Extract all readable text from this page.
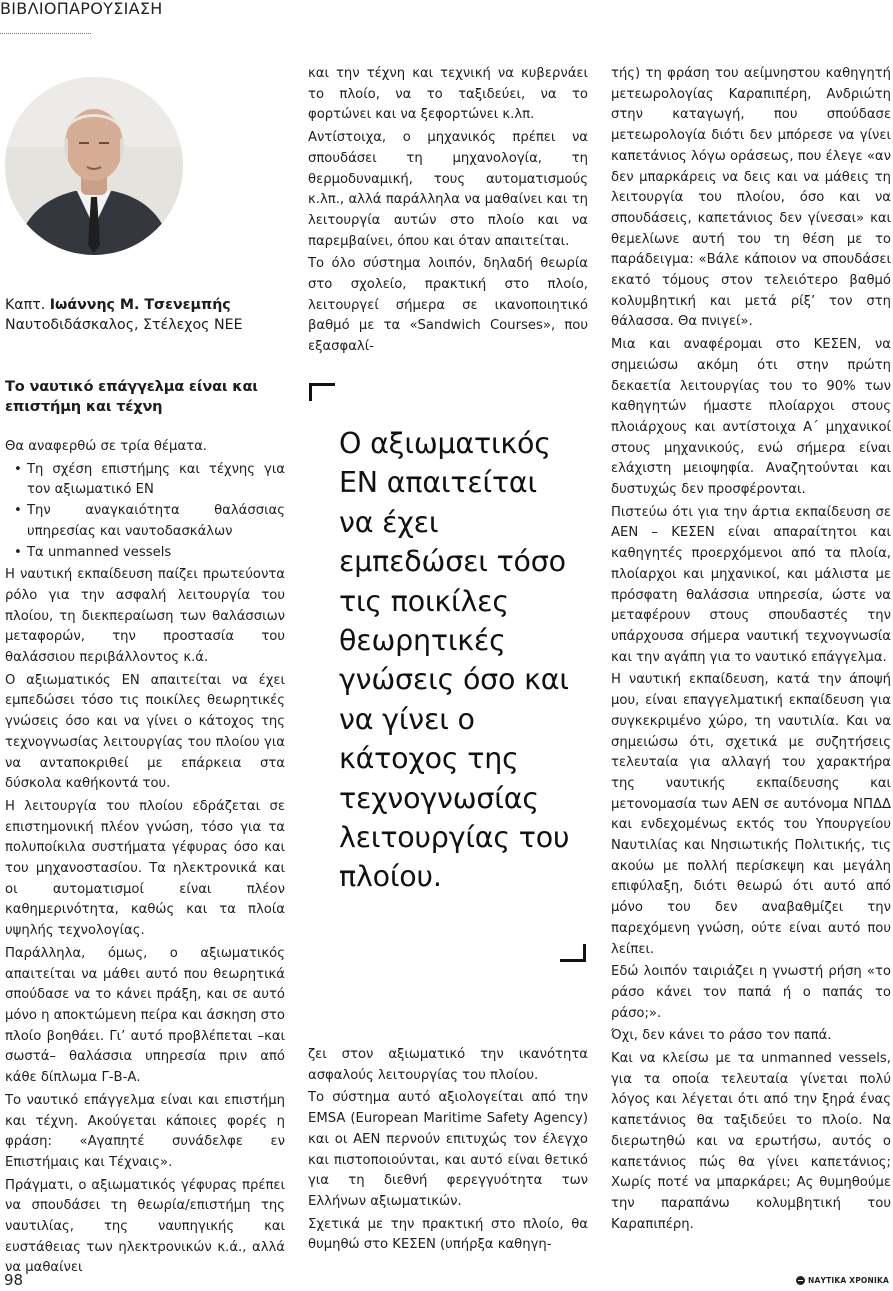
ΒΙΒΛΙΟΠΑΡΟΥΣΙΑΣΗ
Καπτ. Ιωάννης Μ. Τσενεμπής
Ναυτοδιδάσκαλος, Στέλεχος ΝΕΕ
Το ναυτικό επάγγελμα είναι και επιστήμη και τέχνη

Θα αναφερθώ σε τρία θέματα.

• Τη σχέση επιστήμης και τέχνης για τον αξιωματικό ΕΝ
• Την αναγκαιότητα θαλάσσιας υπηρεσίας και ναυτοδασκάλων
• Τα unmanned vessels

Η ναυτική εκπαίδευση παίζει πρωτεύοντα ρόλο για την ασφαλή λειτουργία του πλοίου, τη διεκπεραίωση των θαλάσσιων μεταφορών, την προστασία του θαλάσσιου περιβάλλοντος κ.ά.

Ο αξιωματικός ΕΝ απαιτείται να έχει εμπεδώσει τόσο τις ποικίλες θεωρητικές γνώσεις όσο και να γίνει ο κάτοχος της τεχνογνωσίας λειτουργίας του πλοίου για να ανταποκριθεί με επάρκεια στα δύσκολα καθήκοντά του.

Η λειτουργία του πλοίου εδράζεται σε επιστημονική πλέον γνώση, τόσο για τα πολυποίκιλα συστήματα γέφυρας όσο και του μηχανοστασίου. Τα ηλεκτρονικά και οι αυτοματισμοί είναι πλέον καθημερινότητα, καθώς και τα πλοία υψηλής τεχνολογίας.

Παράλληλα, όμως, ο αξιωματικός απαιτείται να μάθει αυτό που θεωρητικά σπούδασε να το κάνει πράξη, και σε αυτό μόνο η αποκτώμενη πείρα και άσκηση στο πλοίο βοηθάει. Γι’ αυτό προβλέπεται –και σωστά– θαλάσσια υπηρεσία πριν από κάθε δίπλωμα Γ-Β-Α.

Το ναυτικό επάγγελμα είναι και επιστήμη και τέχνη. Ακούγεται κάποιες φορές η φράση: «Αγαπητέ συνάδελφε εν Επιστήμαις και Τέχναις».

Πράγματι, ο αξιωματικός γέφυρας πρέπει να σπουδάσει τη θεωρία/επιστήμη της ναυτιλίας, της ναυπηγικής και ευστάθειας των ηλεκτρονικών κ.ά., αλλά να μαθαίνει

και την τέχνη και τεχνική να κυβερνάει το πλοίο, να το ταξιδεύει, να το φορτώνει και να ξεφορτώνει κ.λπ.

Αντίστοιχα, ο μηχανικός πρέπει να σπουδάσει τη μηχανολογία, τη θερμοδυναμική, τους αυτοματισμούς κ.λπ., αλλά παράλληλα να μαθαίνει και τη λειτουργία αυτών στο πλοίο και να παρεμβαίνει, όπου και όταν απαιτείται.

Το όλο σύστημα λοιπόν, δηλαδή θεωρία στο σχολείο, πρακτική στο πλοίο, λειτουργεί σήμερα σε ικανοποιητικό βαθμό με τα «Sandwich Courses», που εξασφαλί-

Ο αξιωματικός ΕΝ απαιτείται να έχει εμπεδώσει τόσο τις ποικίλες θεωρητικές γνώσεις όσο και να γίνει ο κάτοχος της τεχνογνωσίας λειτουργίας του πλοίου.

ζει στον αξιωματικό την ικανότητα ασφαλούς λειτουργίας του πλοίου.

Το σύστημα αυτό αξιολογείται από την EMSA (European Maritime Safety Agency) και οι ΑΕΝ περνούν επιτυχώς τον έλεγχο και πιστοποιούνται, και αυτό είναι θετικό για τη διεθνή φερεγγυότητα των Ελλήνων αξιωματικών.

Σχετικά με την πρακτική στο πλοίο, θα θυμηθώ στο ΚΕΣΕΝ (υπήρξα καθηγη-

τής) τη φράση του αείμνηστου καθηγητή μετεωρολογίας Καραπιπέρη, Ανδριώτη στην καταγωγή, που σπούδασε μετεωρολογία διότι δεν μπόρεσε να γίνει καπετάνιος λόγω οράσεως, που έλεγε «αν δεν μπαρκάρεις να δεις και να μάθεις τη λειτουργία του πλοίου, όσο και να σπουδάσεις, καπετάνιος δεν γίνεσαι» και θεμελίωνε αυτή του τη θέση με το παράδειγμα: «Βάλε κάποιον να σπουδάσει εκατό τόμους στον τελειότερο βαθμό κολυμβητική και μετά ρίξ’ τον στη θάλασσα. Θα πνιγεί».

Μια και αναφέρομαι στο ΚΕΣΕΝ, να σημειώσω ακόμη ότι στην πρώτη δεκαετία λειτουργίας του το 90% των καθηγητών ήμαστε πλοίαρχοι στους πλοιάρχους και αντίστοιχα Α΄ μηχανικοί στους μηχανικούς, ενώ σήμερα είναι ελάχιστη μειοψηφία. Αναζητούνται και δυστυχώς δεν προσφέρονται.

Πιστεύω ότι για την άρτια εκπαίδευση σε ΑΕΝ – ΚΕΣΕΝ είναι απαραίτητοι και καθηγητές προερχόμενοι από τα πλοία, πλοίαρχοι και μηχανικοί, και μάλιστα με πρόσφατη θαλάσσια υπηρεσία, ώστε να μεταφέρουν στους σπουδαστές την υπάρχουσα σήμερα ναυτική τεχνογνωσία και την αγάπη για το ναυτικό επάγγελμα.

Η ναυτική εκπαίδευση, κατά την άποψή μου, είναι επαγγελματική εκπαίδευση για συγκεκριμένο χώρο, τη ναυτιλία. Και να σημειώσω ότι, σχετικά με συζητήσεις τελευταία για αλλαγή του χαρακτήρα της ναυτικής εκπαίδευσης και μετονομασία των ΑΕΝ σε αυτόνομα ΝΠΔΔ και ενδεχομένως εκτός του Υπουργείου Ναυτιλίας και Νησιωτικής Πολιτικής, τις ακούω με πολλή περίσκεψη και μεγάλη επιφύλαξη, διότι θεωρώ ότι αυτό από μόνο του δεν αναβαθμίζει την παρεχόμενη γνώση, ούτε είναι αυτό που λείπει.

Εδώ λοιπόν ταιριάζει η γνωστή ρήση «το ράσο κάνει τον παπά ή ο παπάς το ράσο;».

Όχι, δεν κάνει το ράσο τον παπά.

Και να κλείσω με τα unmanned vessels, για τα οποία τελευταία γίνεται πολύ λόγος και λέγεται ότι από την ξηρά ένας καπετάνιος θα ταξιδεύει το πλοίο. Να διερωτηθώ και να ερωτήσω, αυτός ο καπετάνιος πώς θα γίνει καπετάνιος; Χωρίς ποτέ να μπαρκάρει; Ας θυμηθούμε την παραπάνω κολυμβητική του Καραπιπέρη.

98	ΝΑΥΤΙΚΑ ΧΡΟΝΙΚΑ
